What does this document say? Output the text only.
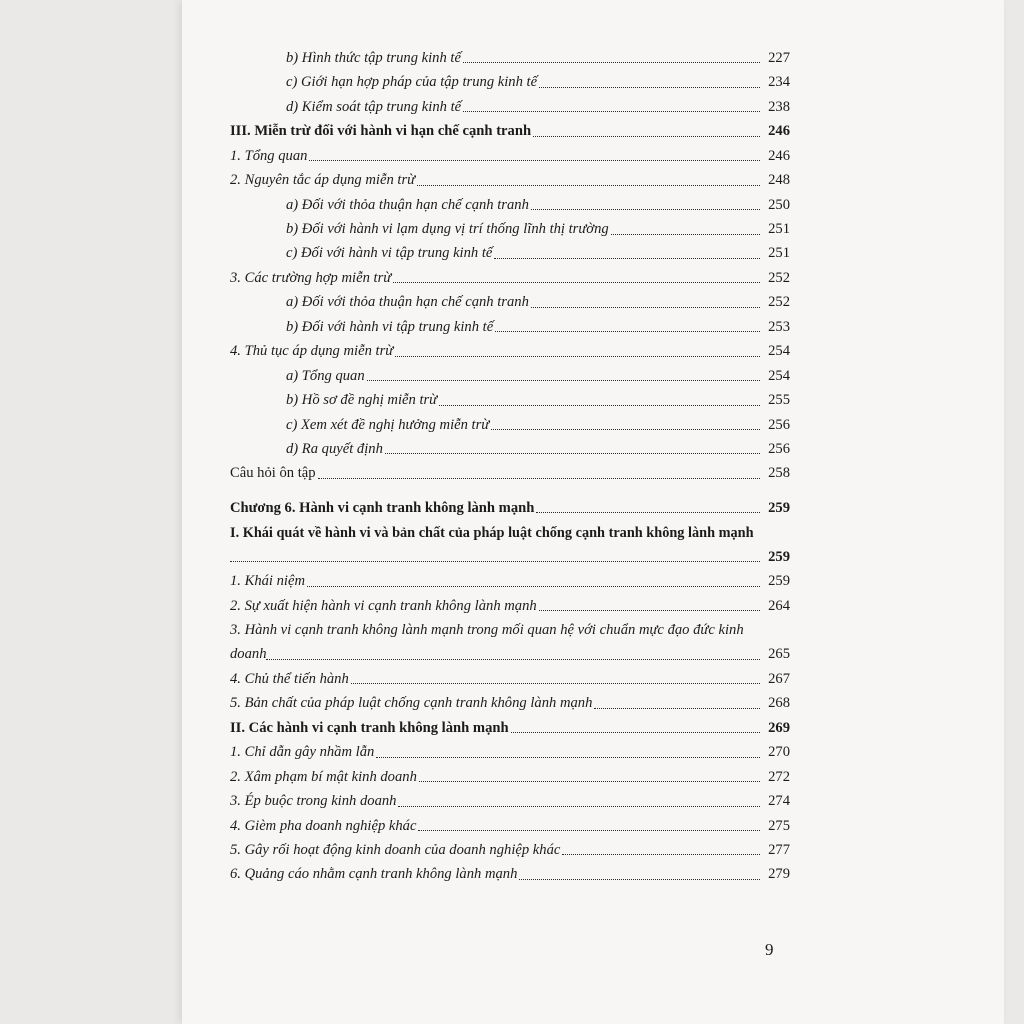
b) Hình thức tập trung kinh tế	227
c) Giới hạn hợp pháp của tập trung kinh tế	234
d) Kiểm soát tập trung kinh tế	238
III. Miễn trừ đối với hành vi hạn chế cạnh tranh	246
1. Tổng quan	246
2. Nguyên tắc áp dụng miễn trừ	248
a) Đối với thỏa thuận hạn chế cạnh tranh	250
b) Đối với hành vi lạm dụng vị trí thống lĩnh thị trường	251
c) Đối với hành vi tập trung kinh tế	251
3. Các trường hợp miễn trừ	252
a) Đối với thỏa thuận hạn chế cạnh tranh	252
b) Đối với hành vi tập trung kinh tế	253
4. Thủ tục áp dụng miễn trừ	254
a) Tổng quan	254
b) Hồ sơ đề nghị miễn trừ	255
c) Xem xét đề nghị hưởng miễn trừ	256
d) Ra quyết định	256
Câu hỏi ôn tập	258
Chương 6. Hành vi cạnh tranh không lành mạnh	259
I. Khái quát về hành vi và bản chất của pháp luật chống cạnh tranh không lành mạnh
259
1. Khái niệm	259
2. Sự xuất hiện hành vi cạnh tranh không lành mạnh	264
3. Hành vi cạnh tranh không lành mạnh trong mối quan hệ với chuẩn mực đạo đức kinh
doanh	265
4. Chủ thể tiến hành	267
5. Bản chất của pháp luật chống cạnh tranh không lành mạnh	268
II. Các hành vi cạnh tranh không lành mạnh	269
1. Chỉ dẫn gây nhầm lẫn	270
2. Xâm phạm bí mật kinh doanh	272
3. Ép buộc trong kinh doanh	274
4. Gièm pha doanh nghiệp khác	275
5. Gây rối hoạt động kinh doanh của doanh nghiệp khác	277
6. Quảng cáo nhằm cạnh tranh không lành mạnh	279
9
